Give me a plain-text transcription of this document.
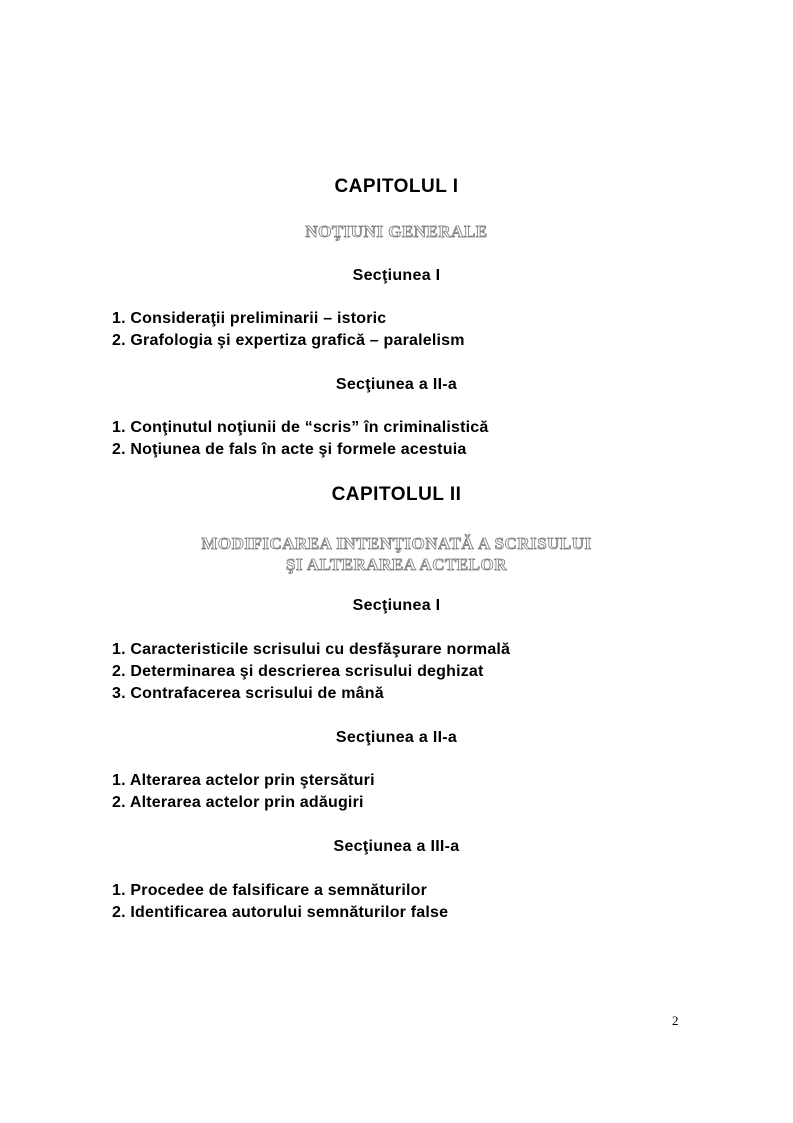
CAPITOLUL I
NOŢIUNI GENERALE
Secţiunea I
1. Consideraţii preliminarii – istoric
2. Grafologia şi expertiza grafică – paralelism
Secţiunea a II-a
1. Conţinutul noţiunii de “scris” în criminalistică
2. Noţiunea de fals în acte şi formele acestuia
CAPITOLUL II
MODIFICAREA INTENŢIONATĂ A SCRISULUI
ŞI ALTERAREA ACTELOR
Secţiunea I
1. Caracteristicile scrisului cu desfăşurare normală
2. Determinarea şi descrierea scrisului deghizat
3. Contrafacerea scrisului de mână
Secţiunea a II-a
1. Alterarea actelor prin ştersături
2. Alterarea actelor prin adăugiri
Secţiunea a III-a
1. Procedee de falsificare a semnăturilor
2. Identificarea autorului semnăturilor false
2
